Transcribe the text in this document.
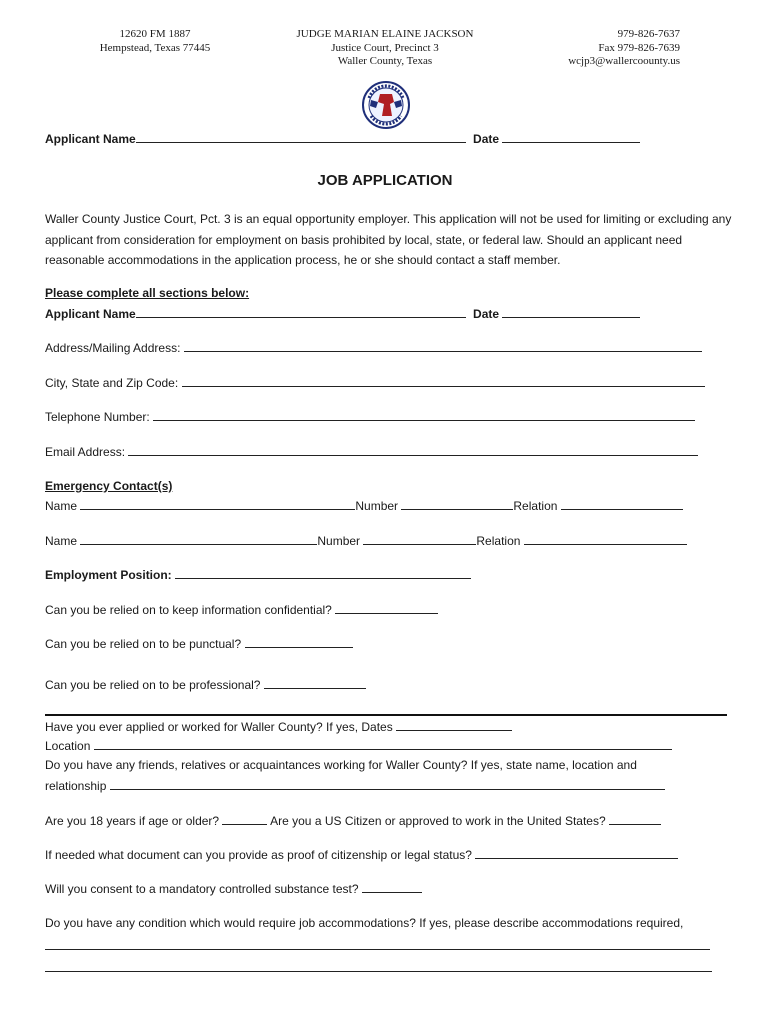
12620 FM 1887
Hempstead, Texas 77445
JUDGE MARIAN ELAINE JACKSON
Justice Court, Precinct 3
Waller County, Texas
979-826-7637
Fax 979-826-7639
wcjp3@wallercoounty.us
Applicant Name	Date
JOB APPLICATION
Waller County Justice Court, Pct. 3 is an equal opportunity employer. This application will not be used for limiting or excluding any applicant from consideration for employment on basis prohibited by local, state, or federal law. Should an applicant need reasonable accommodations in the application process, he or she should contact a staff member.
Please complete all sections below:
Applicant Name	Date
Address/Mailing Address:
City, State and Zip Code:
Telephone Number:
Email Address:
Emergency Contact(s)
Name	Number	Relation
Name	Number	Relation
Employment Position:
Can you be relied on to keep information confidential?
Can you be relied on to be punctual?
Can you be relied on to be professional?
Have you ever applied or worked for Waller County? If yes, Dates
Location
Do you have any friends, relatives or acquaintances working for Waller County? If yes, state name, location and
relationship
Are you 18 years if age or older?	Are you a US Citizen or approved to work in the United States?
If needed what document can you provide as proof of citizenship or legal status?
Will you consent to a mandatory controlled substance test?
Do you have any condition which would require job accommodations? If yes, please describe accommodations required,
